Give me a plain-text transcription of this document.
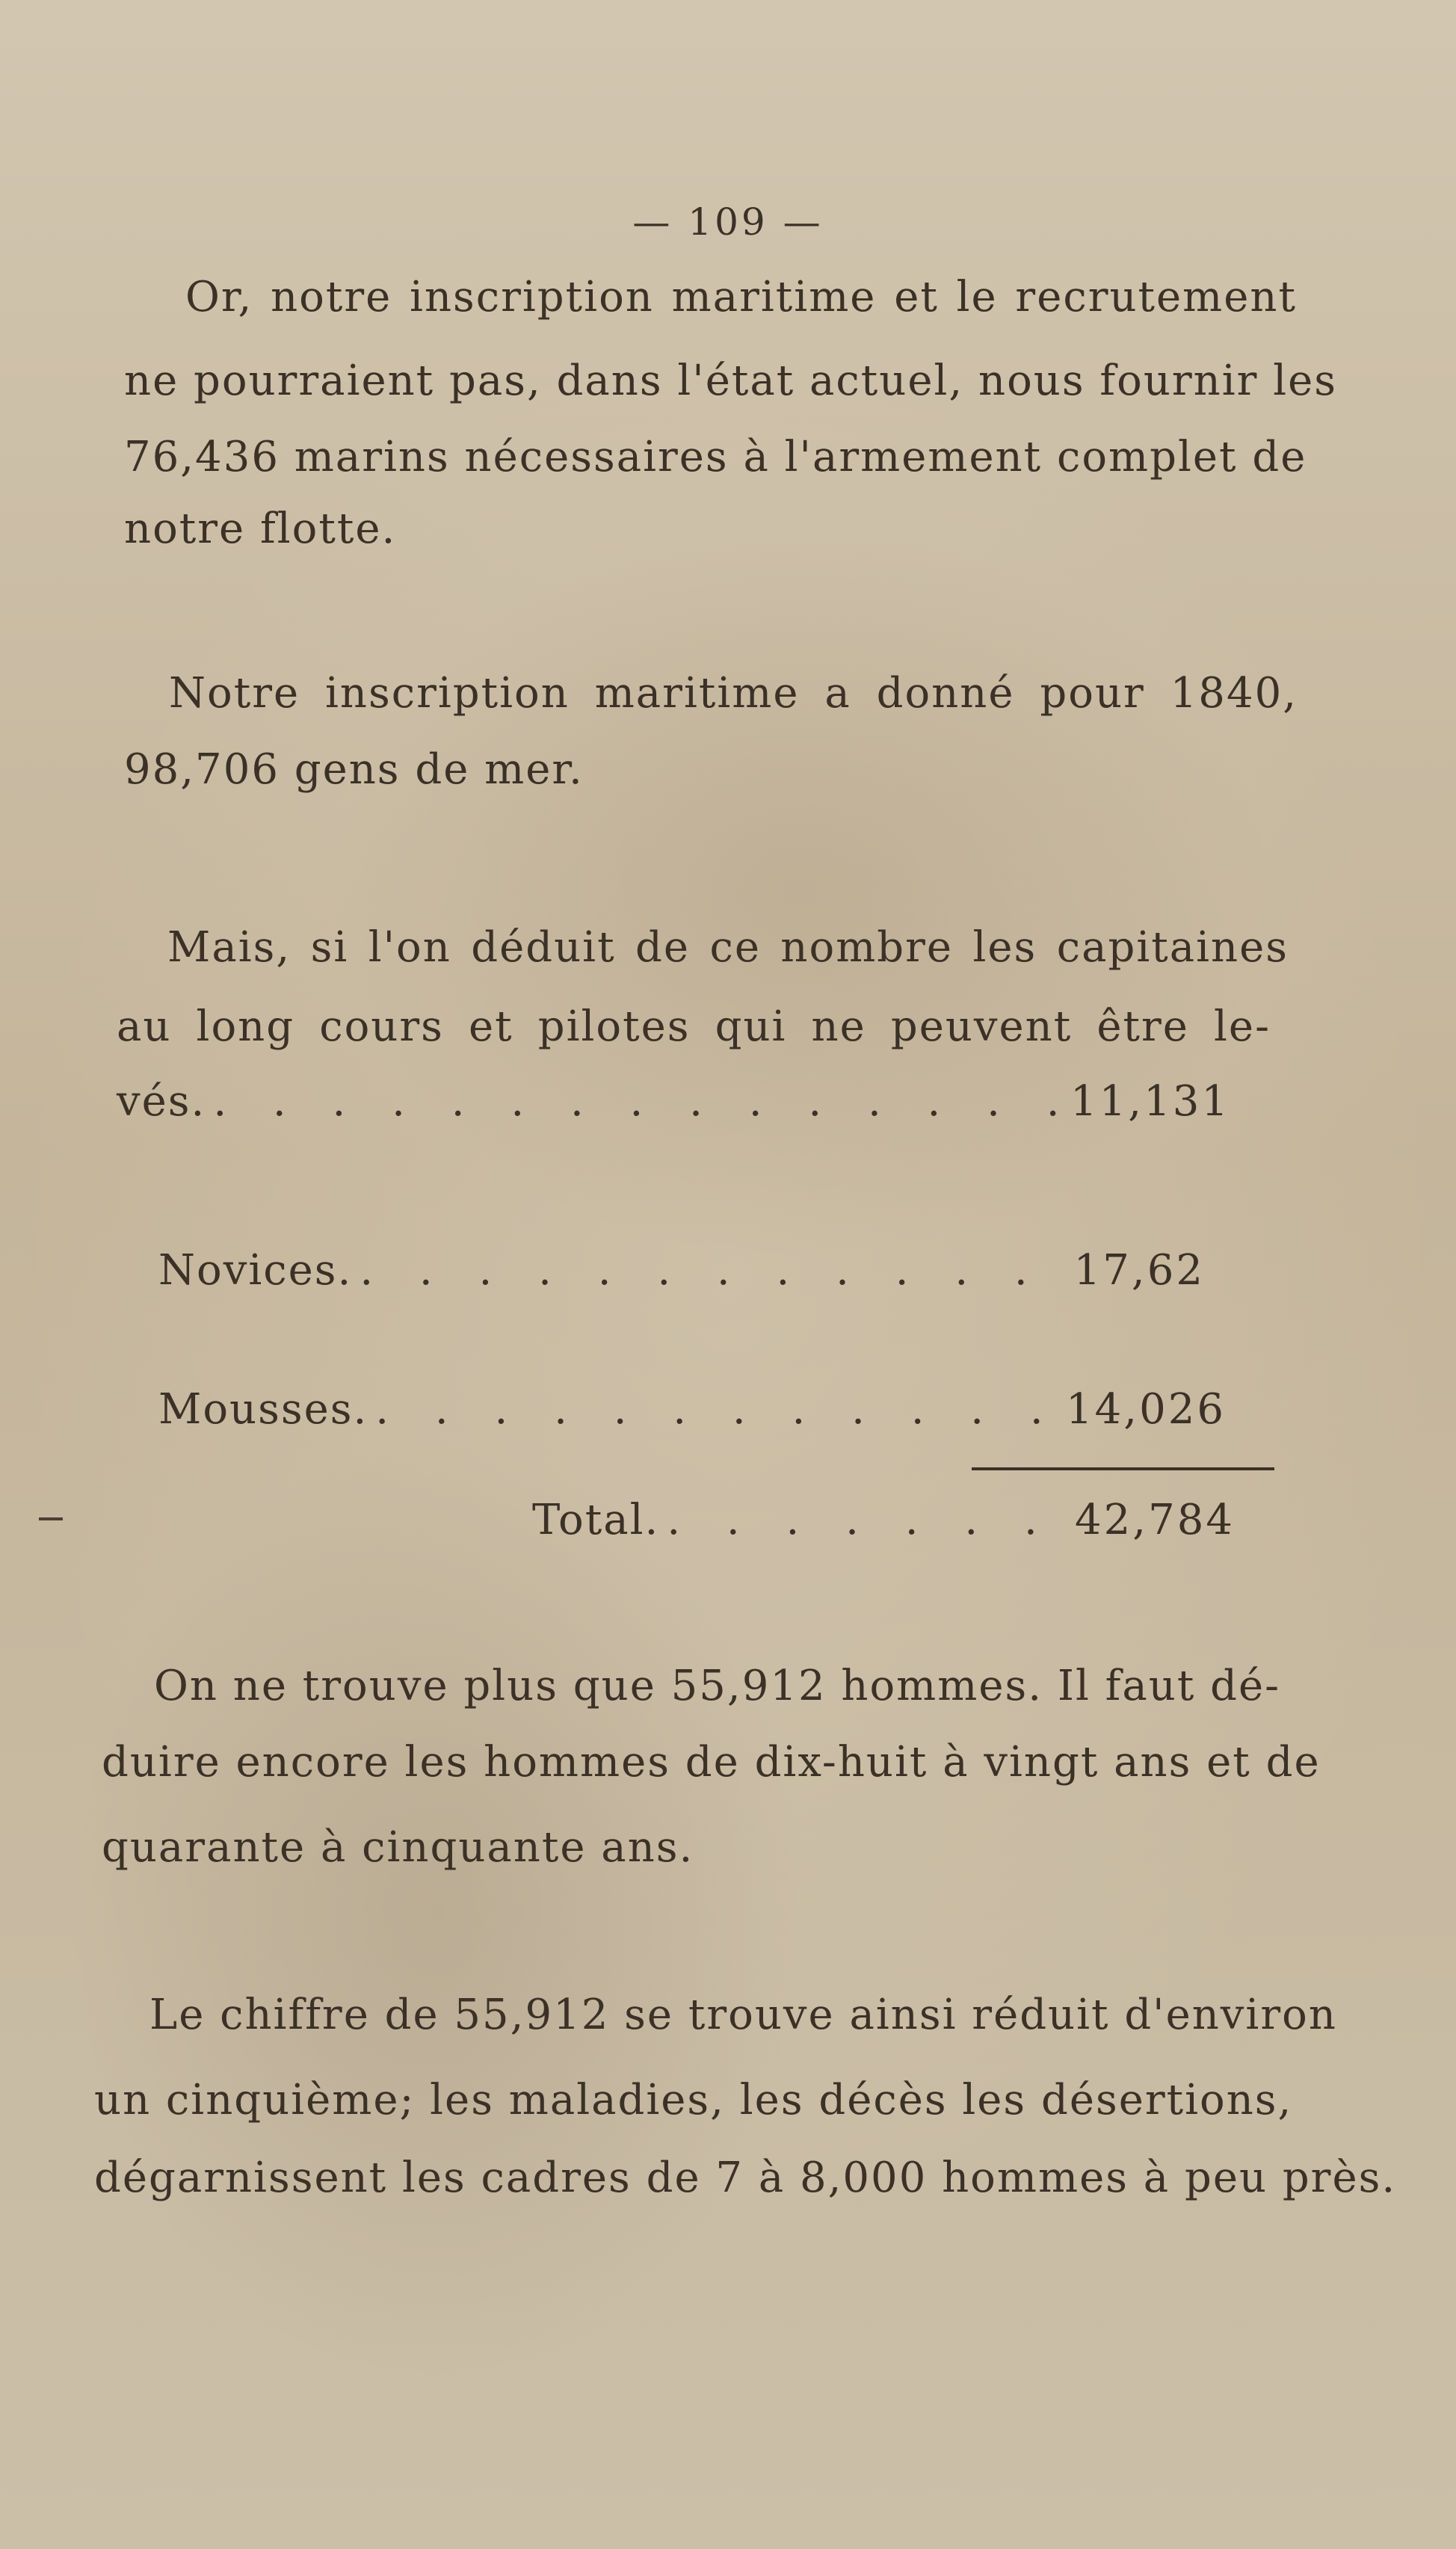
— 109 —
Or, notre inscription maritime et le recrutement
ne pourraient pas, dans l'état actuel, nous fournir les
76,436 marins nécessaires à l'armement complet de
notre flotte.
Notre inscription maritime a donné pour 1840,
98,706 gens de mer.
Mais, si l'on déduit de ce nombre les capitaines
au long cours et pilotes qui ne peuvent être le-
vés. . . .	11,131
Novices. . . .	17,62
Mousses. . . .	14,026
Total. . . .	42,784
On ne trouve plus que 55,912 hommes. Il faut dé-
duire encore les hommes de dix-huit à vingt ans et de
quarante à cinquante ans.
Le chiffre de 55,912 se trouve ainsi réduit d'environ
un cinquième; les maladies, les décès les désertions,
dégarnissent les cadres de 7 à 8,000 hommes à peu près.
